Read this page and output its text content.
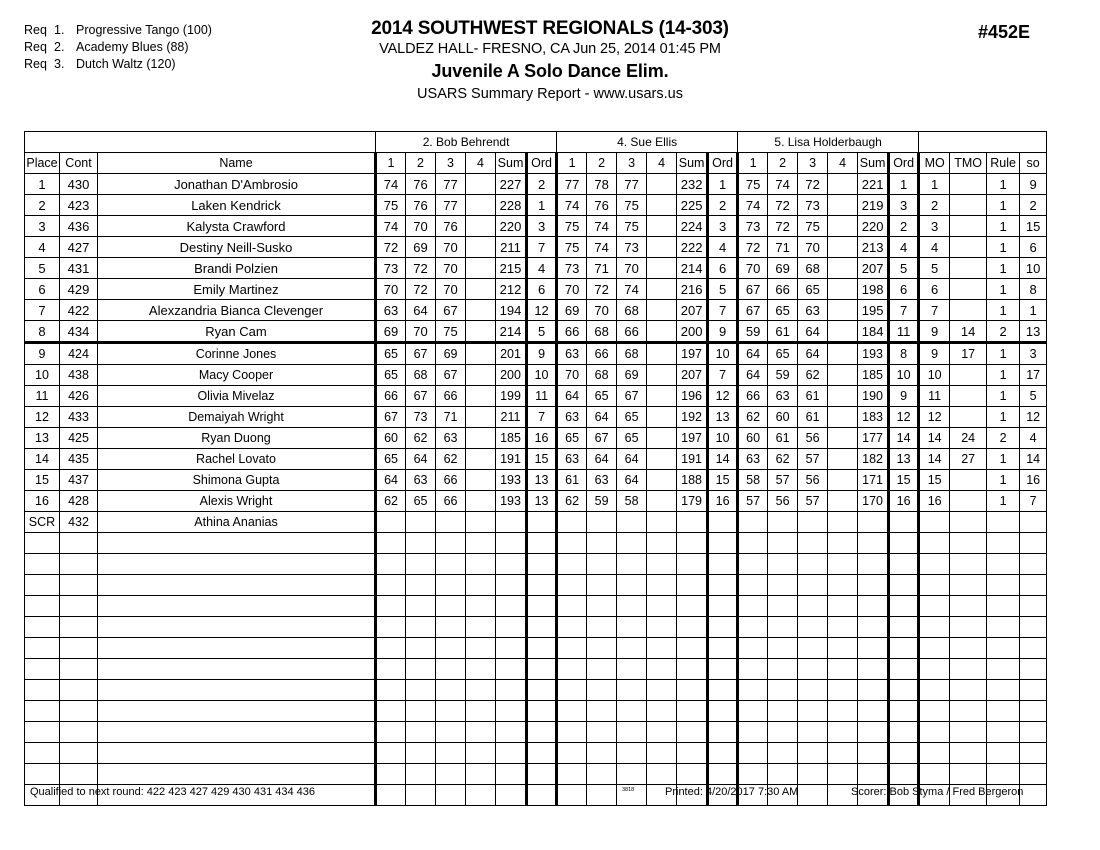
Req 1. Progressive Tango (100)
Req 2. Academy Blues (88)
Req 3. Dutch Waltz (120)
2014 SOUTHWEST REGIONALS (14-303)
VALDEZ HALL- FRESNO, CA Jun 25, 2014 01:45 PM
Juvenile A Solo Dance Elim.
USARS Summary Report - www.usars.us
#452E
			2. Bob Behrendt						4. Sue Ellis						5. Lisa Holderbaugh									
Place	Cont	Name	1	2	3	4	Sum	Ord	1	2	3	4	Sum	Ord	1	2	3	4	Sum	Ord	MO	TMO	Rule	so
1	430	Jonathan D'Ambrosio	74	76	77		227	2	77	78	77		232	1	75	74	72		221	1	1		1	9
2	423	Laken Kendrick	75	76	77		228	1	74	76	75		225	2	74	72	73		219	3	2		1	2
3	436	Kalysta Crawford	74	70	76		220	3	75	74	75		224	3	73	72	75		220	2	3		1	15
4	427	Destiny Neill-Susko	72	69	70		211	7	75	74	73		222	4	72	71	70		213	4	4		1	6
5	431	Brandi Polzien	73	72	70		215	4	73	71	70		214	6	70	69	68		207	5	5		1	10
6	429	Emily Martinez	70	72	70		212	6	70	72	74		216	5	67	66	65		198	6	6		1	8
7	422	Alexzandria Bianca Clevenger	63	64	67		194	12	69	70	68		207	7	67	65	63		195	7	7		1	1
8	434	Ryan Cam	69	70	75		214	5	66	68	66		200	9	59	61	64		184	11	9	14	2	13
9	424	Corinne Jones	65	67	69		201	9	63	66	68		197	10	64	65	64		193	8	9	17	1	3
10	438	Macy Cooper	65	68	67		200	10	70	68	69		207	7	64	59	62		185	10	10		1	17
11	426	Olivia Mivelaz	66	67	66		199	11	64	65	67		196	12	66	63	61		190	9	11		1	5
12	433	Demaiyah Wright	67	73	71		211	7	63	64	65		192	13	62	60	61		183	12	12		1	12
13	425	Ryan Duong	60	62	63		185	16	65	67	65		197	10	60	61	56		177	14	14	24	2	4
14	435	Rachel Lovato	65	64	62		191	15	63	64	64		191	14	63	62	57		182	13	14	27	1	14
15	437	Shimona Gupta	64	63	66		193	13	61	63	64		188	15	58	57	56		171	15	15		1	16
16	428	Alexis Wright	62	65	66		193	13	62	59	58		179	16	57	56	57		170	16	16		1	7
SCR	432	Athina Ananias																						

Qualified to next round: 422 423 427 429 430 431 434 436	3818	Printed: 4/20/2017 7:30 AM	Scorer: Bob Styma / Fred Bergeron
